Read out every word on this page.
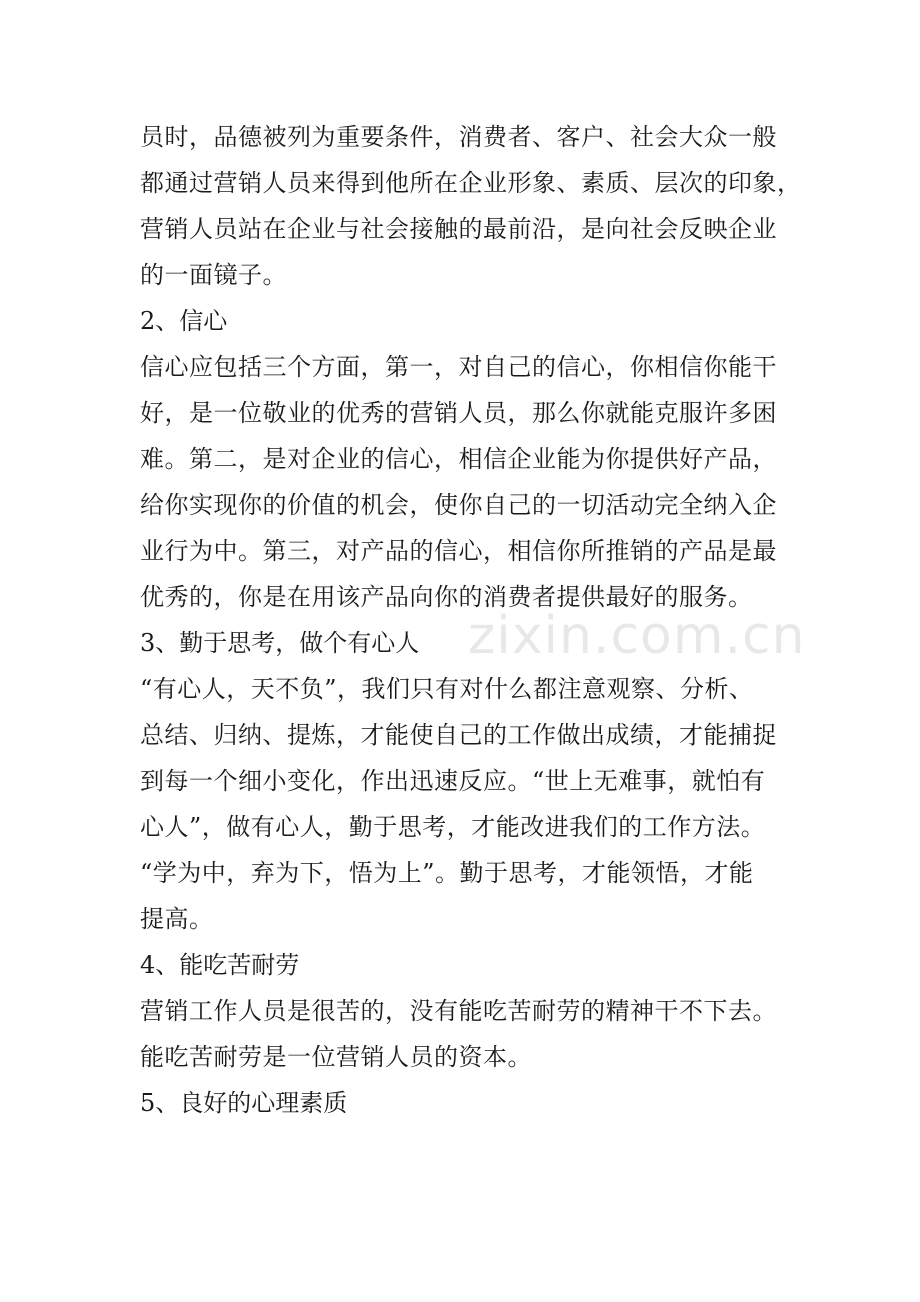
员时，品德被列为重要条件，消费者、客户、社会大众一般
都通过营销人员来得到他所在企业形象、素质、层次的印象，
营销人员站在企业与社会接触的最前沿，是向社会反映企业
的一面镜子。
2、信心
信心应包括三个方面，第一，对自己的信心，你相信你能干
好，是一位敬业的优秀的营销人员，那么你就能克服许多困
难。第二，是对企业的信心，相信企业能为你提供好产品，
给你实现你的价值的机会，使你自己的一切活动完全纳入企
业行为中。第三，对产品的信心，相信你所推销的产品是最
优秀的，你是在用该产品向你的消费者提供最好的服务。
3、勤于思考，做个有心人
“有心人，天不负”，我们只有对什么都注意观察、分析、
总结、归纳、提炼，才能使自己的工作做出成绩，才能捕捉
到每一个细小变化，作出迅速反应。“世上无难事，就怕有
心人”，做有心人，勤于思考，才能改进我们的工作方法。
“学为中，弃为下，悟为上”。勤于思考，才能领悟，才能
提高。
4、能吃苦耐劳
营销工作人员是很苦的，没有能吃苦耐劳的精神干不下去。
能吃苦耐劳是一位营销人员的资本。
5、良好的心理素质
zixin.com.cn
